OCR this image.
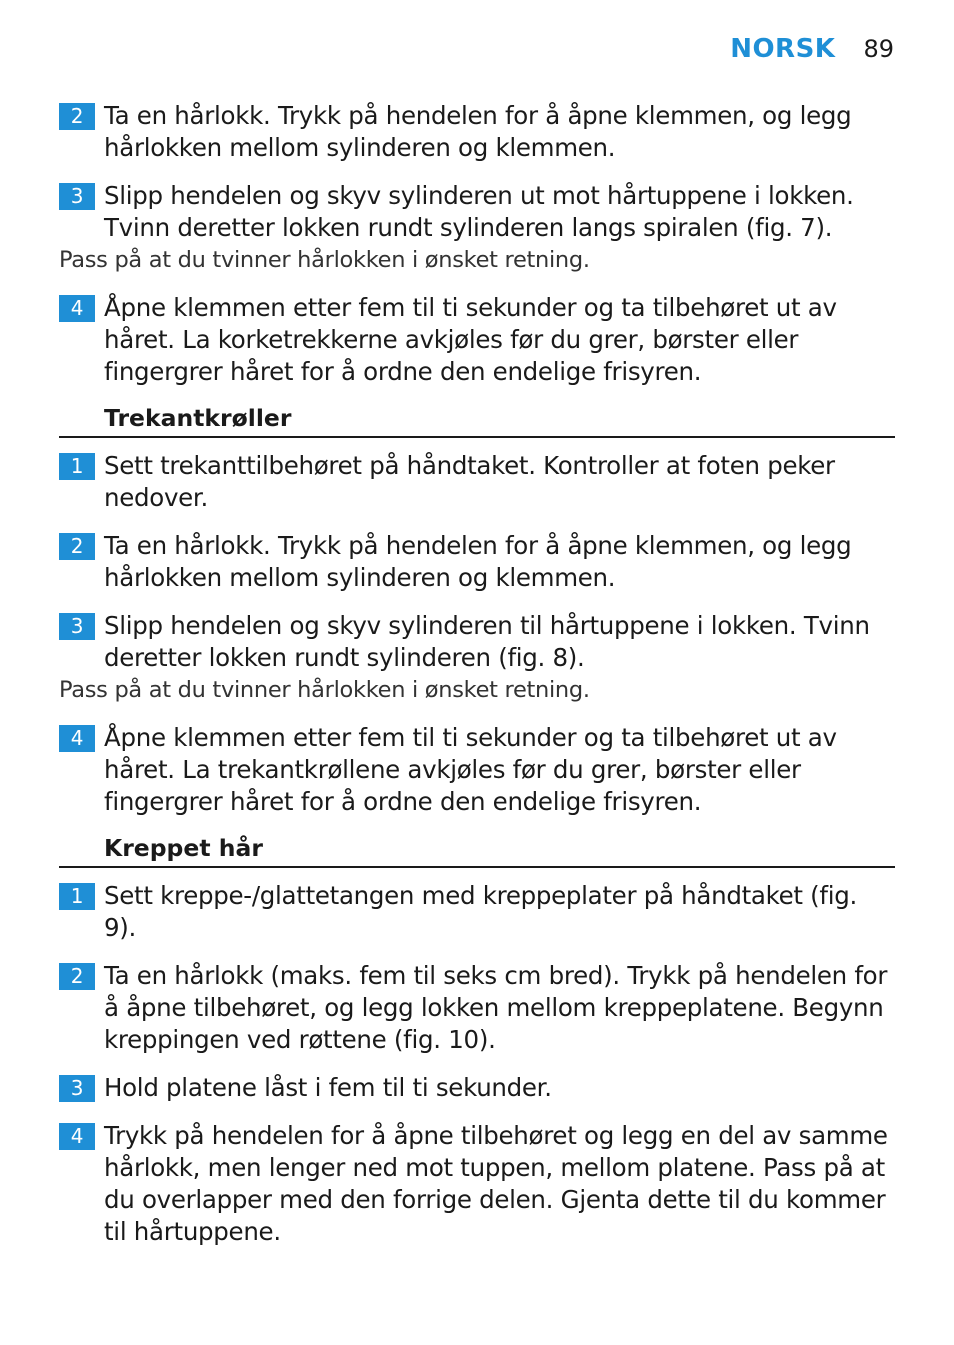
NORSK 89
2 Ta en hårlokk. Trykk på hendelen for å åpne klemmen, og legg hårlokken mellom sylinderen og klemmen.
3 Slipp hendelen og skyv sylinderen ut mot hårtuppene i lokken. Tvinn deretter lokken rundt sylinderen langs spiralen (fig. 7).
Pass på at du tvinner hårlokken i ønsket retning.
4 Åpne klemmen etter fem til ti sekunder og ta tilbehøret ut av håret. La korketrekkerne avkjøles før du grer, børster eller fingergrer håret for å ordne den endelige frisyren.
Trekantkrøller
1 Sett trekanttilbehøret på håndtaket. Kontroller at foten peker nedover.
2 Ta en hårlokk. Trykk på hendelen for å åpne klemmen, og legg hårlokken mellom sylinderen og klemmen.
3 Slipp hendelen og skyv sylinderen til hårtuppene i lokken. Tvinn deretter lokken rundt sylinderen (fig. 8).
Pass på at du tvinner hårlokken i ønsket retning.
4 Åpne klemmen etter fem til ti sekunder og ta tilbehøret ut av håret. La trekantkrøllene avkjøles før du grer, børster eller fingergrer håret for å ordne den endelige frisyren.
Kreppet hår
1 Sett kreppe-/glattetangen med kreppeplater på håndtaket (fig. 9).
2 Ta en hårlokk (maks. fem til seks cm bred). Trykk på hendelen for å åpne tilbehøret, og legg lokken mellom kreppeplatene. Begynn kreppingen ved røttene (fig. 10).
3 Hold platene låst i fem til ti sekunder.
4 Trykk på hendelen for å åpne tilbehøret og legg en del av samme hårlokk, men lenger ned mot tuppen, mellom platene. Pass på at du overlapper med den forrige delen. Gjenta dette til du kommer til hårtuppene.
